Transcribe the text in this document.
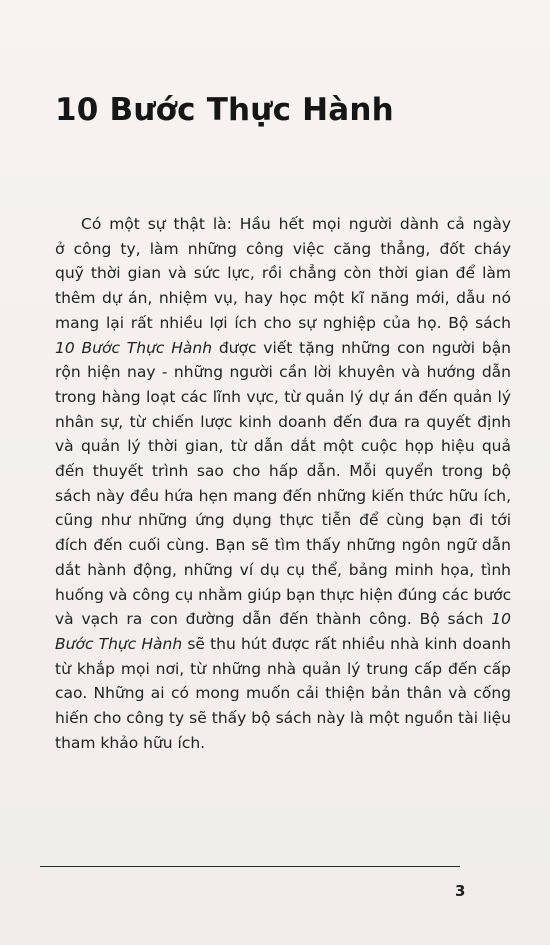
10 Bước Thực Hành
Có một sự thật là: Hầu hết mọi người dành cả ngày
ở công ty, làm những công việc căng thẳng, đốt cháy
quỹ thời gian và sức lực, rồi chẳng còn thời gian để làm
thêm dự án, nhiệm vụ, hay học một kĩ năng mới, dẫu nó
mang lại rất nhiều lợi ích cho sự nghiệp của họ. Bộ sách
10 Bước Thực Hành được viết tặng những con người bận
rộn hiện nay - những người cần lời khuyên và hướng dẫn
trong hàng loạt các lĩnh vực, từ quản lý dự án đến quản lý
nhân sự, từ chiến lược kinh doanh đến đưa ra quyết định
và quản lý thời gian, từ dẫn dắt một cuộc họp hiệu quả
đến thuyết trình sao cho hấp dẫn. Mỗi quyển trong bộ
sách này đều hứa hẹn mang đến những kiến thức hữu ích,
cũng như những ứng dụng thực tiễn để cùng bạn đi tới
đích đến cuối cùng. Bạn sẽ tìm thấy những ngôn ngữ dẫn
dắt hành động, những ví dụ cụ thể, bảng minh họa, tình
huống và công cụ nhằm giúp bạn thực hiện đúng các bước
và vạch ra con đường dẫn đến thành công. Bộ sách 10
Bước Thực Hành sẽ thu hút được rất nhiều nhà kinh doanh
từ khắp mọi nơi, từ những nhà quản lý trung cấp đến cấp
cao. Những ai có mong muốn cải thiện bản thân và cống
hiến cho công ty sẽ thấy bộ sách này là một nguồn tài liệu
tham khảo hữu ích.

3
